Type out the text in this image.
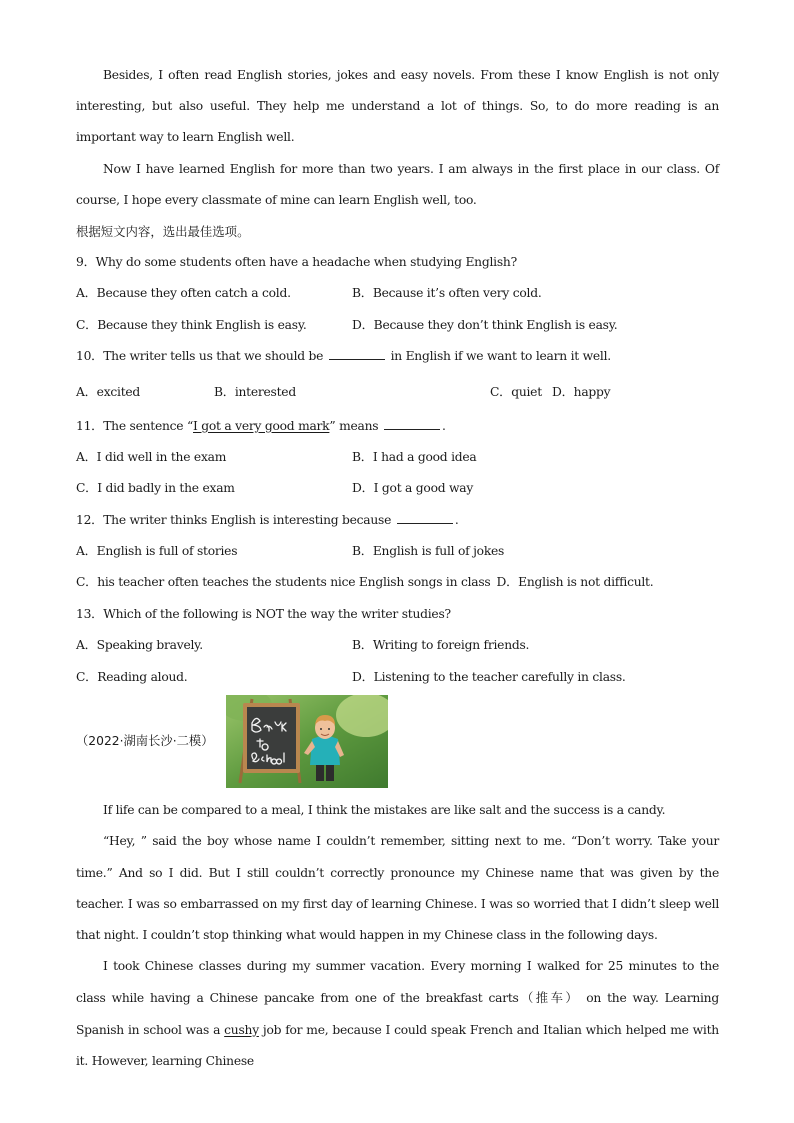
Besides, I often read English stories, jokes and easy novels. From these I know English is not only interesting, but also useful. They help me understand a lot of things. So, to do more reading is an important way to learn English well.
Now I have learned English for more than two years. I am always in the first place in our class. Of course, I hope every classmate of mine can learn English well, too.
根据短文内容，选出最佳选项。
9．Why do some students often have a headache when studying English?
A．Because they often catch a cold.	B．Because it’s often very cold.
C．Because they think English is easy.	D．Because they don’t think English is easy.
10．The writer tells us that we should be	in English if we want to learn it well.
A．excited	B．interested	C．quiet D．happy
11．The sentence “I got a very good mark” means	.
A．I did well in the exam	B．I had a good idea
C．I did badly in the exam	D．I got a good way
12．The writer thinks English is interesting because	.
A．English is full of stories	B．English is full of jokes
C．his teacher often teaches the students nice English songs in class D．English is not difficult.
13．Which of the following is NOT the way the writer studies?
A．Speaking bravely.	B．Writing to foreign friends.
C．Reading aloud.	D．Listening to the teacher carefully in class.
（2022·湖南长沙·二模）
If life can be compared to a meal, I think the mistakes are like salt and the success is a candy.
“Hey, ” said the boy whose name I couldn’t remember, sitting next to me. “Don’t worry. Take your time.” And so I did. But I still couldn’t correctly pronounce my Chinese name that was given by the teacher. I was so embarrassed on my first day of learning Chinese. I was so worried that I didn’t sleep well that night. I couldn’t stop thinking what would happen in my Chinese class in the following days.
I took Chinese classes during my summer vacation. Every morning I walked for 25 minutes to the class while having a Chinese pancake from one of the breakfast carts（推车） on the way. Learning Spanish in school was a cushy job for me, because I could speak French and Italian which helped me with it. However, learning Chinese
